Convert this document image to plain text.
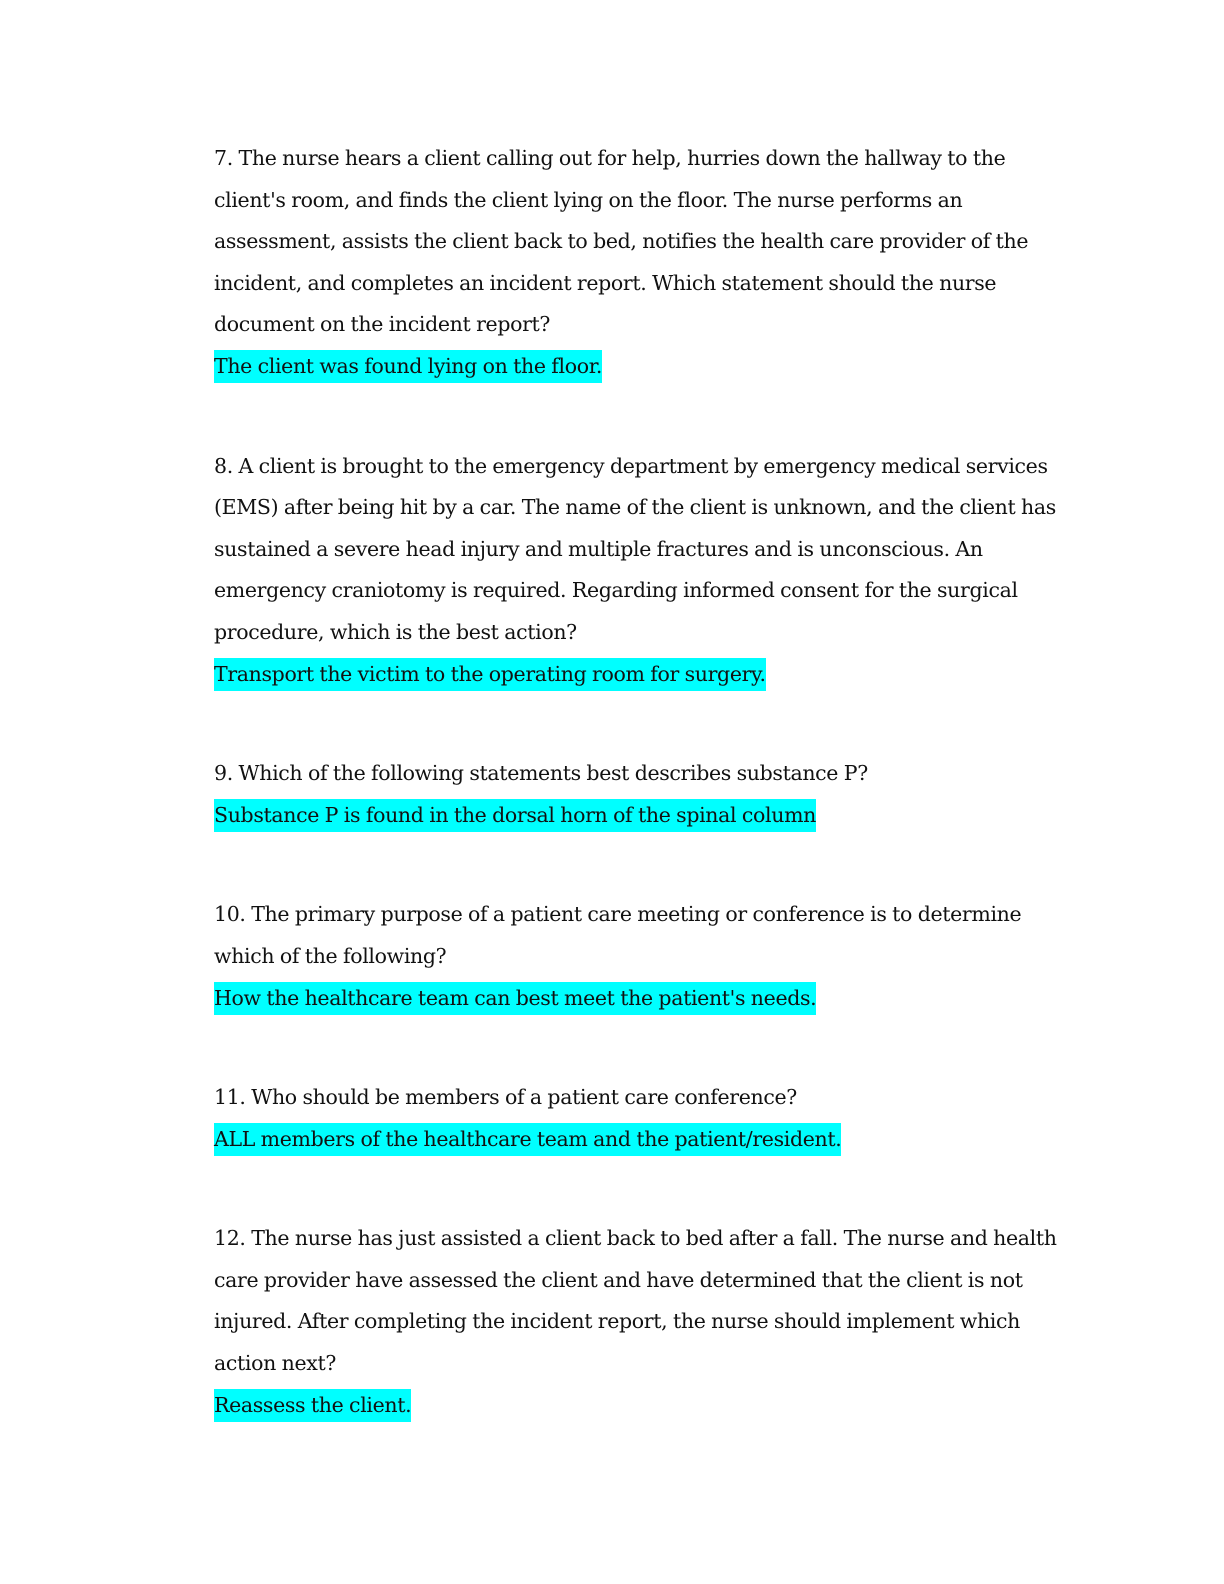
7. The nurse hears a client calling out for help, hurries down the hallway to the client's room, and finds the client lying on the floor. The nurse performs an assessment, assists the client back to bed, notifies the health care provider of the incident, and completes an incident report. Which statement should the nurse document on the incident report?

The client was found lying on the floor.

8. A client is brought to the emergency department by emergency medical services (EMS) after being hit by a car. The name of the client is unknown, and the client has sustained a severe head injury and multiple fractures and is unconscious. An emergency craniotomy is required. Regarding informed consent for the surgical procedure, which is the best action?

Transport the victim to the operating room for surgery.

9. Which of the following statements best describes substance P?

Substance P is found in the dorsal horn of the spinal column

10. The primary purpose of a patient care meeting or conference is to determine which of the following?

How the healthcare team can best meet the patient's needs.

11. Who should be members of a patient care conference?

ALL members of the healthcare team and the patient/resident.

12. The nurse has just assisted a client back to bed after a fall. The nurse and health care provider have assessed the client and have determined that the client is not injured. After completing the incident report, the nurse should implement which action next?

Reassess the client.
